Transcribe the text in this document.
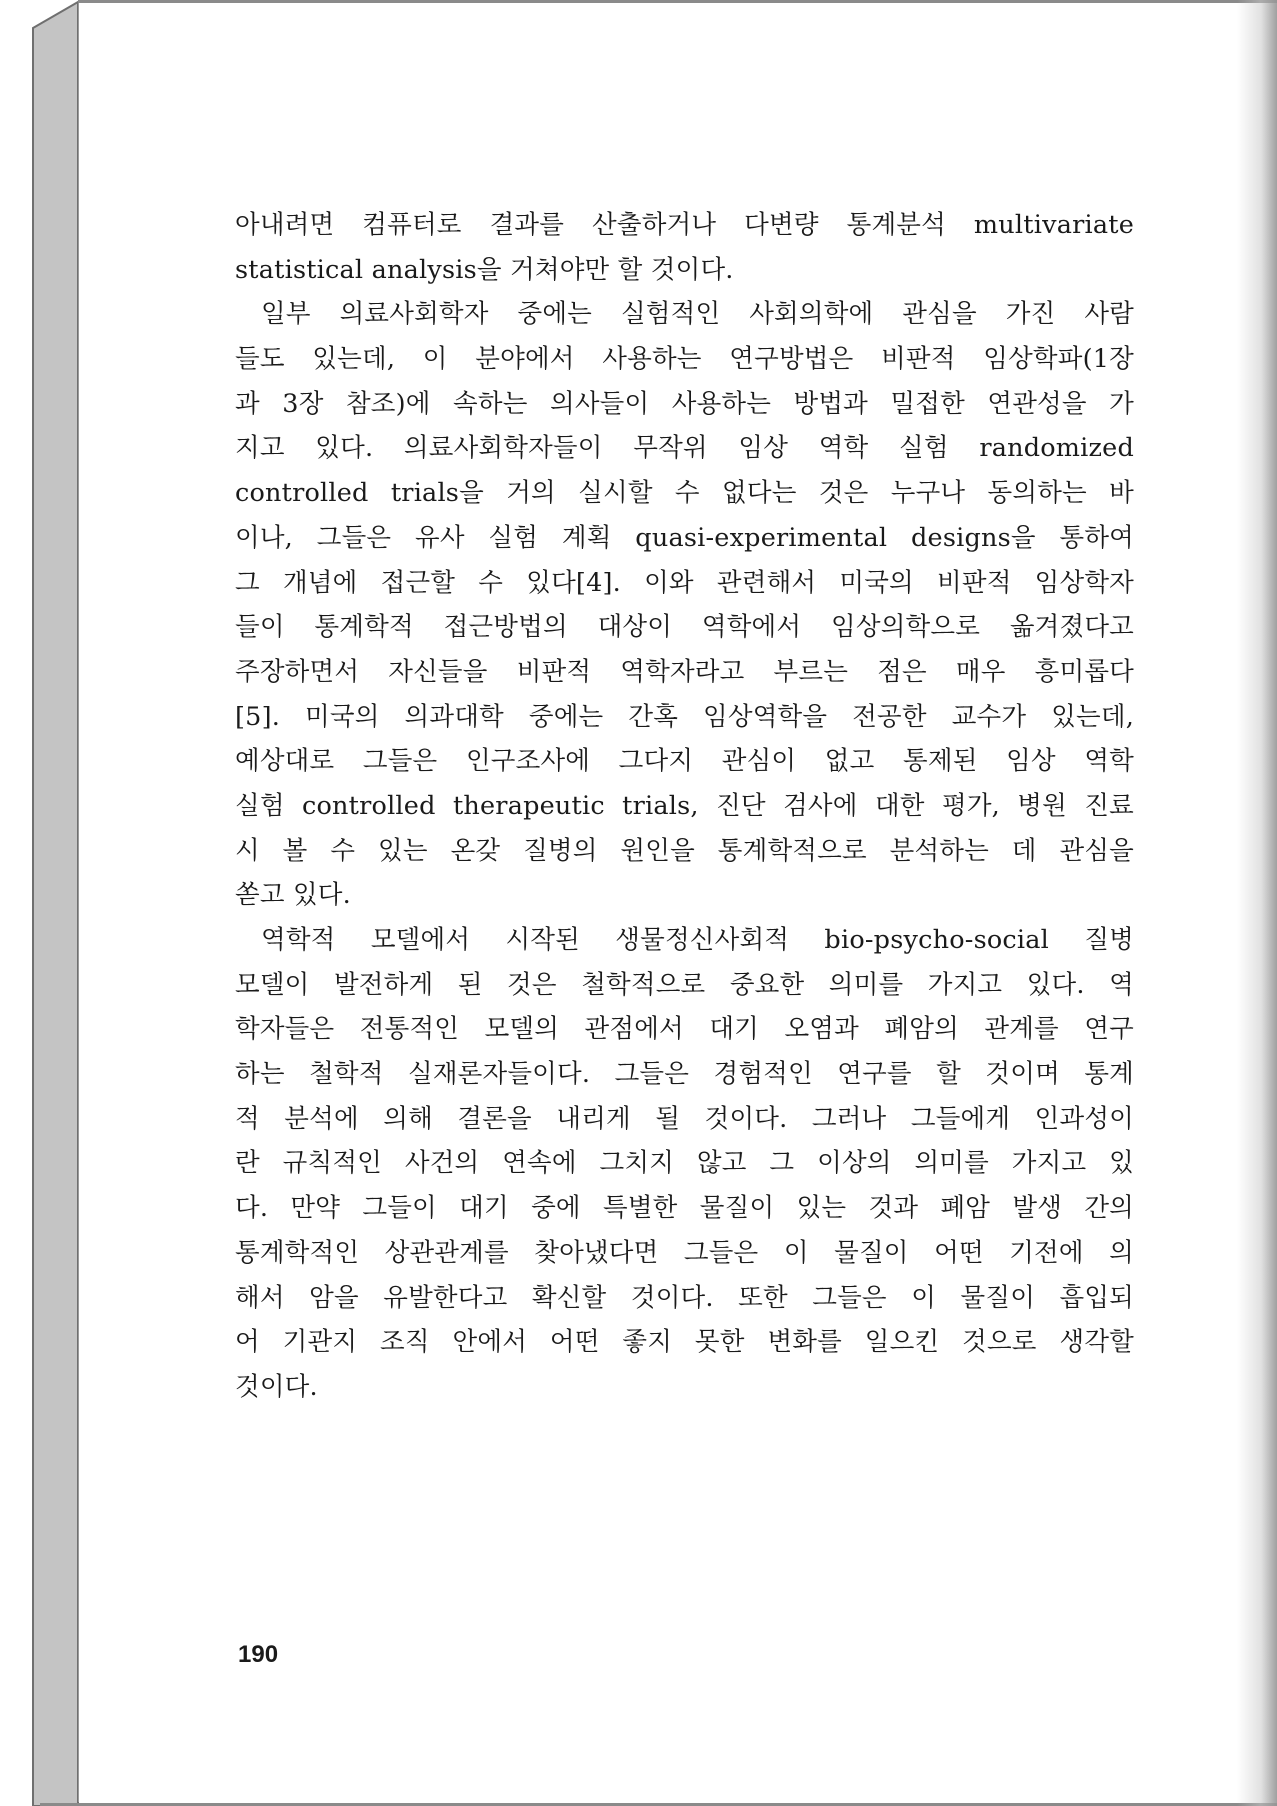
아내려면 컴퓨터로 결과를 산출하거나 다변량 통계분석 multivariate
statistical analysis을 거쳐야만 할 것이다.
일부 의료사회학자 중에는 실험적인 사회의학에 관심을 가진 사람
들도 있는데, 이 분야에서 사용하는 연구방법은 비판적 임상학파(1장
과 3장 참조)에 속하는 의사들이 사용하는 방법과 밀접한 연관성을 가
지고 있다. 의료사회학자들이 무작위 임상 역학 실험 randomized
controlled trials을 거의 실시할 수 없다는 것은 누구나 동의하는 바
이나, 그들은 유사 실험 계획 quasi-experimental designs을 통하여
그 개념에 접근할 수 있다[4]. 이와 관련해서 미국의 비판적 임상학자
들이 통계학적 접근방법의 대상이 역학에서 임상의학으로 옮겨졌다고
주장하면서 자신들을 비판적 역학자라고 부르는 점은 매우 흥미롭다
[5]. 미국의 의과대학 중에는 간혹 임상역학을 전공한 교수가 있는데,
예상대로 그들은 인구조사에 그다지 관심이 없고 통제된 임상 역학
실험 controlled therapeutic trials, 진단 검사에 대한 평가, 병원 진료
시 볼 수 있는 온갖 질병의 원인을 통계학적으로 분석하는 데 관심을
쏟고 있다.
역학적 모델에서 시작된 생물정신사회적 bio-psycho-social 질병
모델이 발전하게 된 것은 철학적으로 중요한 의미를 가지고 있다. 역
학자들은 전통적인 모델의 관점에서 대기 오염과 폐암의 관계를 연구
하는 철학적 실재론자들이다. 그들은 경험적인 연구를 할 것이며 통계
적 분석에 의해 결론을 내리게 될 것이다. 그러나 그들에게 인과성이
란 규칙적인 사건의 연속에 그치지 않고 그 이상의 의미를 가지고 있
다. 만약 그들이 대기 중에 특별한 물질이 있는 것과 폐암 발생 간의
통계학적인 상관관계를 찾아냈다면 그들은 이 물질이 어떤 기전에 의
해서 암을 유발한다고 확신할 것이다. 또한 그들은 이 물질이 흡입되
어 기관지 조직 안에서 어떤 좋지 못한 변화를 일으킨 것으로 생각할
것이다.
190
